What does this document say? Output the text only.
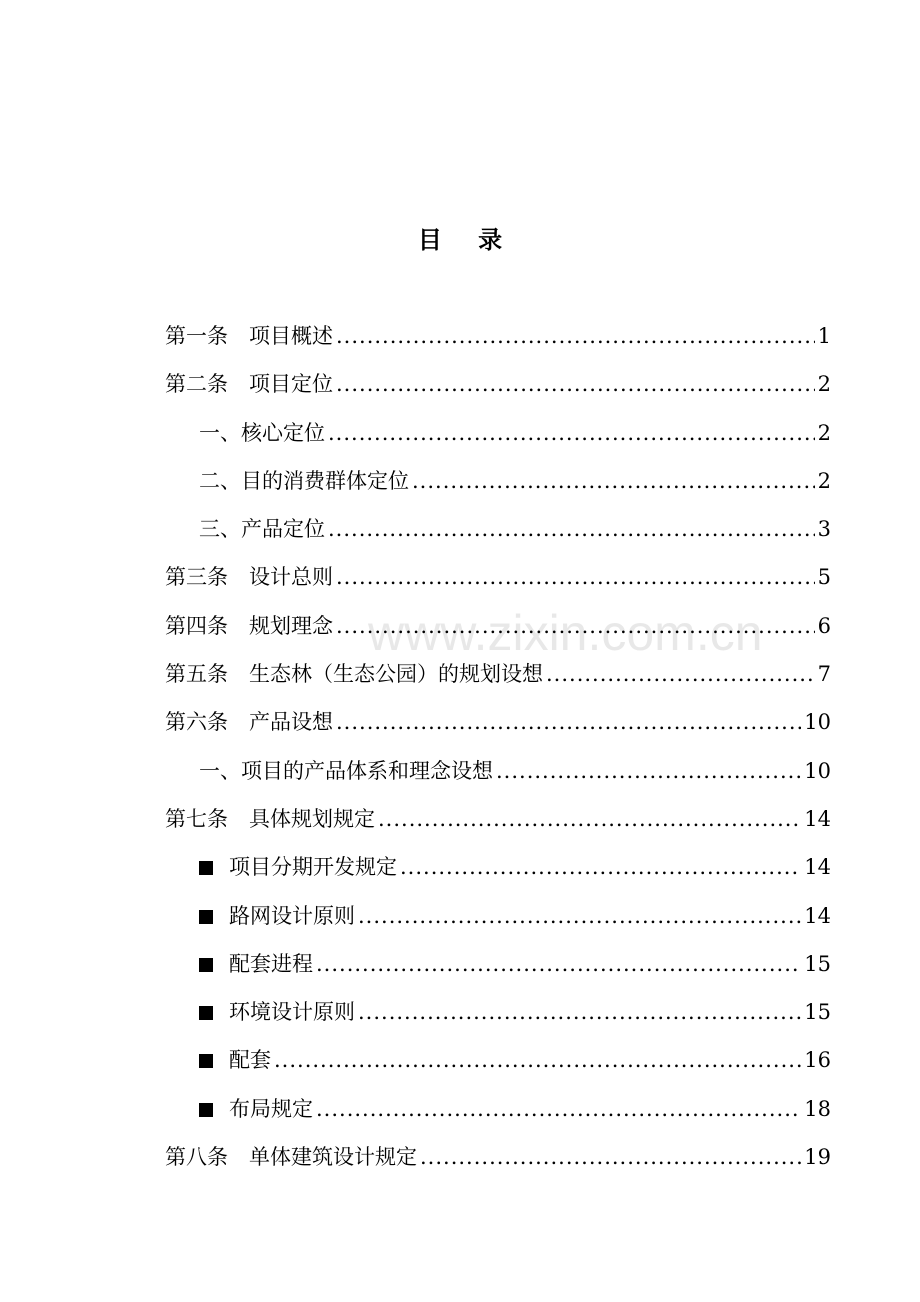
目 录
www.zixin.com.cn
第一条　项目概述 .....	1
第二条　项目定位 .....	2
一、核心定位 .....	2
二、目的消费群体定位 .....	2
三、产品定位 .....	3
第三条　设计总则 .....	5
第四条　规划理念 .....	6
第五条　生态林（生态公园）的规划设想 .....	7
第六条　产品设想 .....	10
一、项目的产品体系和理念设想 .....	10
第七条　具体规划规定 .....	14
项目分期开发规定 .....	14
路网设计原则 .....	14
配套进程 .....	15
环境设计原则 .....	15
配套 .....	16
布局规定 .....	18
第八条　单体建筑设计规定 .....	19
